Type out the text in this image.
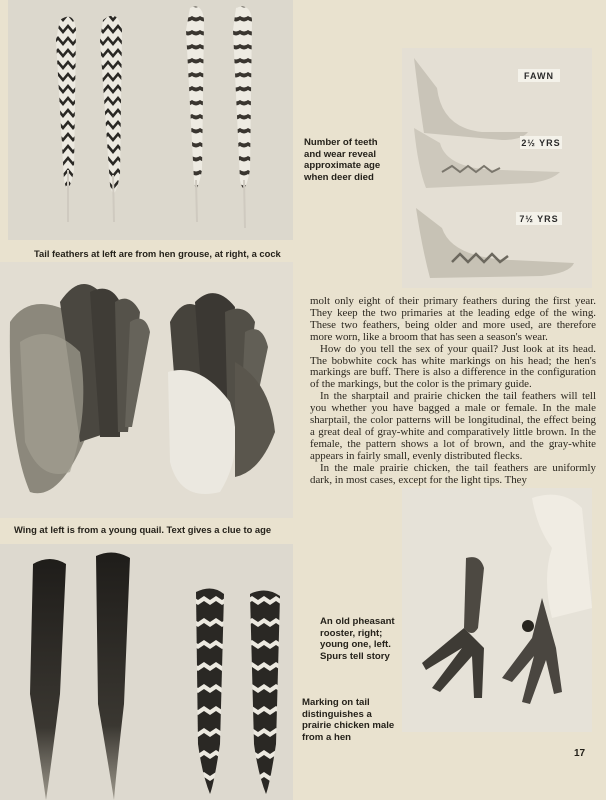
Tail feathers at left are from hen grouse, at right, a cock
Wing at left is from a young quail. Text gives a clue to age
FAWN
2½ YRS
7½ YRS
Number of teeth and wear reveal approximate age when deer died

molt only eight of their primary feathers during the first year. They keep the two primaries at the leading edge of the wing. These two feathers, being older and more used, are therefore more worn, like a broom that has seen a season's wear.

How do you tell the sex of your quail? Just look at its head. The bobwhite cock has white markings on his head; the hen's markings are buff. There is also a difference in the configuration of the markings, but the color is the primary guide.

In the sharptail and prairie chicken the tail feathers will tell you whether you have bagged a male or female. In the male sharptail, the color patterns will be longitudinal, the effect being a great deal of gray-white and comparatively little brown. In the female, the pattern shows a lot of brown, and the gray-white appears in fairly small, evenly distributed flecks.

In the male prairie chicken, the tail feathers are uniformly dark, in most cases, except for the light tips. They

An old pheasant rooster, right; young one, left. Spurs tell story
Marking on tail distinguishes a prairie chicken male from a hen
17
